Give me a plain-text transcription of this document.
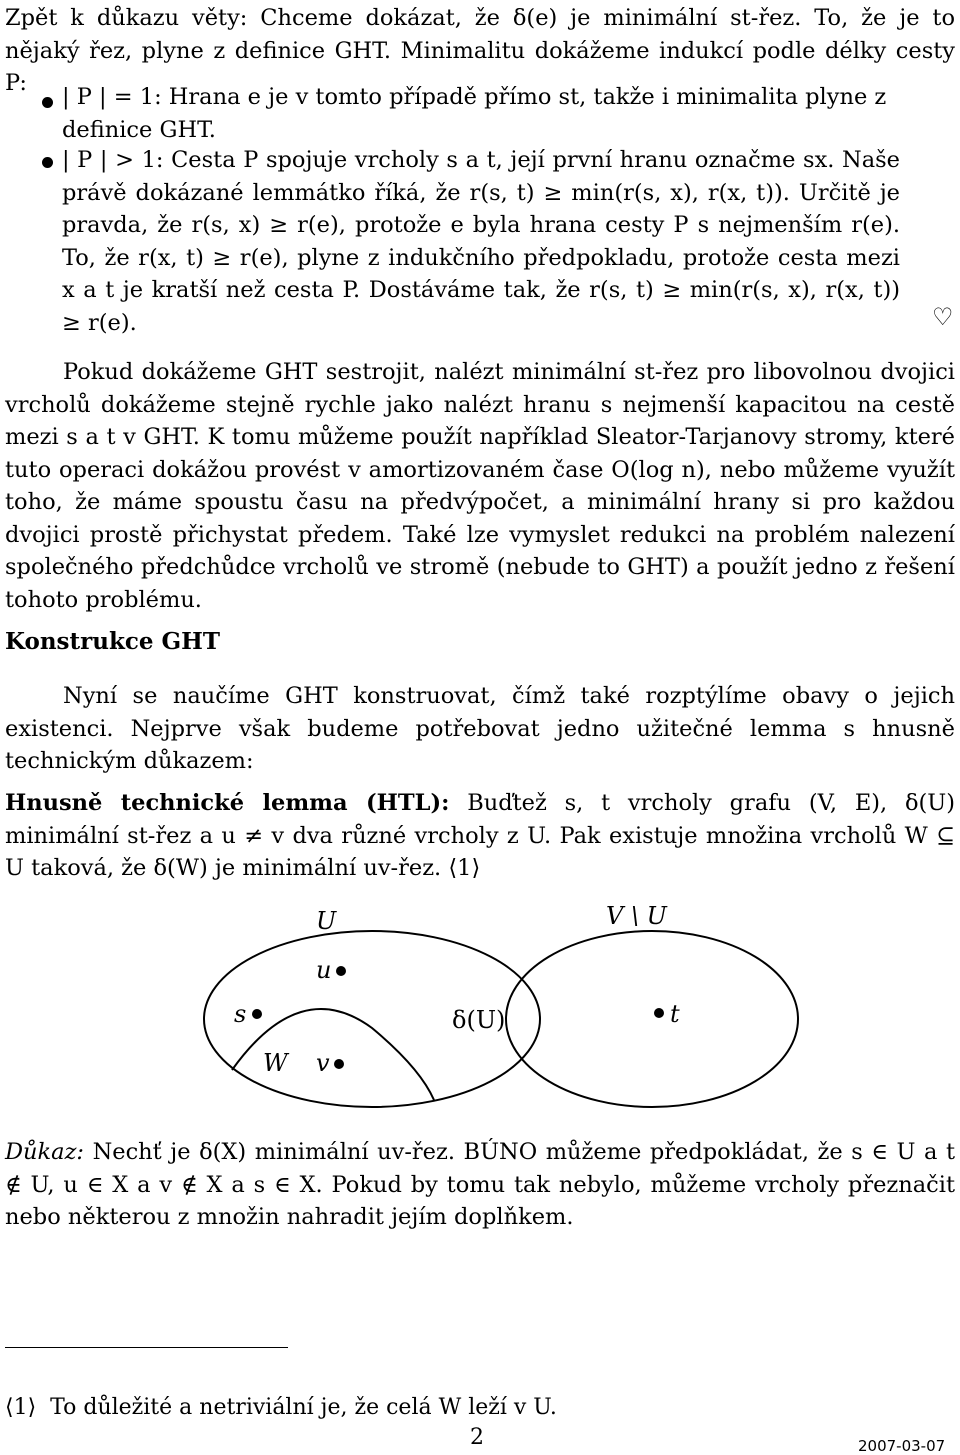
Zpět k důkazu věty: Chceme dokázat, že δ(e) je minimální st-řez. To, že je to nějaký řez, plyne z definice GHT. Minimalitu dokážeme indukcí podle délky cesty P:
| P | = 1: Hrana e je v tomto případě přímo st, takže i minimalita plyne z definice GHT.
| P | > 1: Cesta P spojuje vrcholy s a t, její první hranu označme sx. Naše právě dokázané lemmátko říká, že r(s, t) ≥ min(r(s, x), r(x, t)). Určitě je pravda, že r(s, x) ≥ r(e), protože e byla hrana cesty P s nejmenším r(e). To, že r(x, t) ≥ r(e), plyne z indukčního předpokladu, protože cesta mezi x a t je kratší než cesta P. Dostáváme tak, že r(s, t) ≥ min(r(s, x), r(x, t)) ≥ r(e).	♡
Pokud dokážeme GHT sestrojit, nalézt minimální st-řez pro libovolnou dvojici vrcholů dokážeme stejně rychle jako nalézt hranu s nejmenší kapacitou na cestě mezi s a t v GHT. K tomu můžeme použít například Sleator-Tarjanovy stromy, které tuto operaci dokážou provést v amortizovaném čase O(log n), nebo můžeme využít toho, že máme spoustu času na předvýpočet, a minimální hrany si pro každou dvojici prostě přichystat předem. Také lze vymyslet redukci na problém nalezení společného předchůdce vrcholů ve stromě (nebude to GHT) a použít jedno z řešení tohoto problému.
Konstrukce GHT
Nyní se naučíme GHT konstruovat, čímž také rozptýlíme obavy o jejich existenci. Nejprve však budeme potřebovat jedno užitečné lemma s hnusně technickým důkazem:
Hnusně technické lemma (HTL): Buďtež s, t vrcholy grafu (V, E), δ(U) minimální st-řez a u ≠ v dva různé vrcholy z U. Pak existuje množina vrcholů W ⊆ U taková, že δ(W) je minimální uv-řez. ⟨1⟩
U	V \ U
u
s	δ(U)	t
W v
Důkaz: Nechť je δ(X) minimální uv-řez. BÚNO můžeme předpokládat, že s ∈ U a t ∉ U, u ∈ X a v ∉ X a s ∈ X. Pokud by tomu tak nebylo, můžeme vrcholy přeznačit nebo některou z množin nahradit jejím doplňkem.
⟨1⟩ To důležité a netriviální je, že celá W leží v U.
2	2007-03-07
